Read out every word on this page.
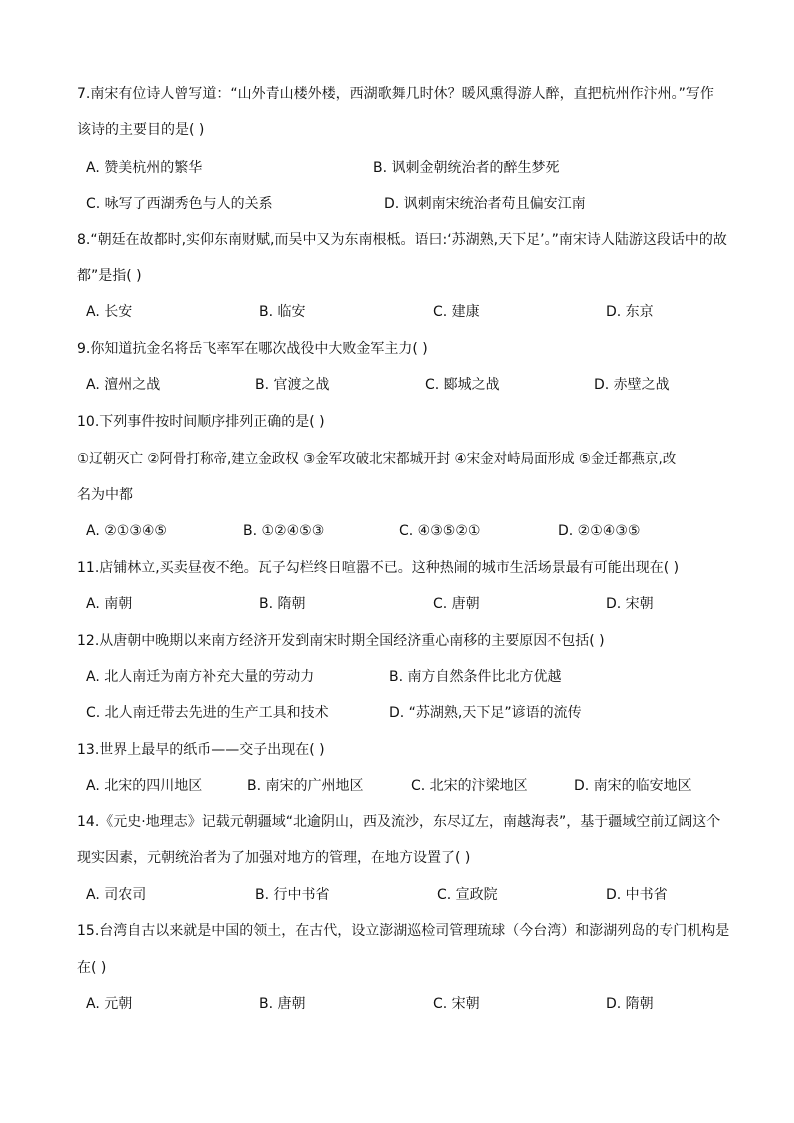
7.南宋有位诗人曾写道：“山外青山楼外楼，西湖歌舞几时休？暖风熏得游人醉，直把杭州作汴州。”写作
该诗的主要目的是( )
A. 赞美杭州的繁华	B. 讽刺金朝统治者的醉生梦死
C. 咏写了西湖秀色与人的关系	D. 讽刺南宋统治者苟且偏安江南
8.“朝廷在故都时,实仰东南财赋,而吴中又为东南根柢。语曰:‘苏湖熟,天下足’。”南宋诗人陆游这段话中的故
都”是指( )
A. 长安	B. 临安	C. 建康	D. 东京
9.你知道抗金名将岳飞率军在哪次战役中大败金军主力( )
A. 澶州之战	B. 官渡之战	C. 郾城之战	D. 赤壁之战
10.下列事件按时间顺序排列正确的是( )
①辽朝灭亡 ②阿骨打称帝,建立金政权 ③金军攻破北宋都城开封 ④宋金对峙局面形成 ⑤金迁都燕京,改
名为中都
A. ②①③④⑤	B. ①②④⑤③	C. ④③⑤②①	D. ②①④③⑤
11.店铺林立,买卖昼夜不绝。瓦子勾栏终日喧嚣不已。这种热闹的城市生活场景最有可能出现在( )
A. 南朝	B. 隋朝	C. 唐朝	D. 宋朝
12.从唐朝中晚期以来南方经济开发到南宋时期全国经济重心南移的主要原因不包括( )
A. 北人南迁为南方补充大量的劳动力	B. 南方自然条件比北方优越
C. 北人南迁带去先进的生产工具和技术	D. “苏湖熟,天下足”谚语的流传
13.世界上最早的纸币——交子出现在( )
A. 北宋的四川地区	B. 南宋的广州地区	C. 北宋的汴梁地区	D. 南宋的临安地区
14.《元史·地理志》记载元朝疆域“北逾阴山，西及流沙，东尽辽左，南越海表”，基于疆域空前辽阔这个
现实因素，元朝统治者为了加强对地方的管理，在地方设置了( )
A. 司农司	B. 行中书省	C. 宣政院	D. 中书省
15.台湾自古以来就是中国的领土，在古代，设立澎湖巡检司管理琉球（今台湾）和澎湖列岛的专门机构是
在( )
A. 元朝	B. 唐朝	C. 宋朝	D. 隋朝
